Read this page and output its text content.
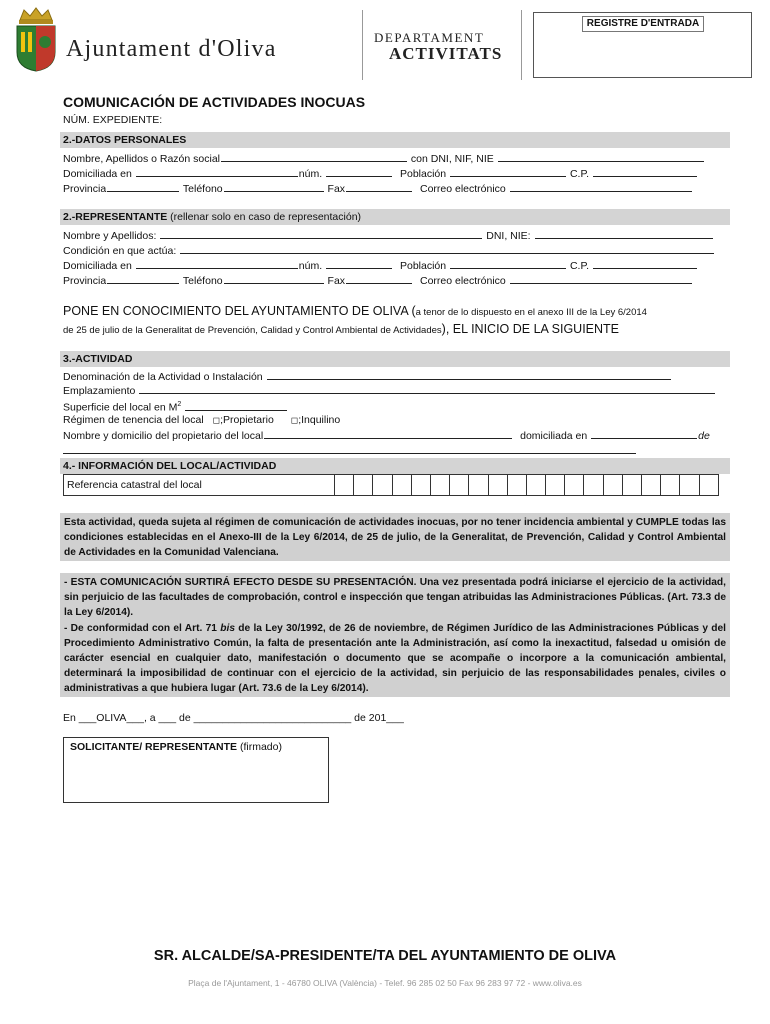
Ajuntament d'Oliva	DEPARTAMENT
ACTIVITATS
REGISTRE D'ENTRADA
COMUNICACIÓN DE ACTIVIDADES INOCUAS
NÚM. EXPEDIENTE:
2.-DATOS PERSONALES
Nombre, Apellidos o Razón social	con DNI, NIF, NIE
Domiciliada en	núm.	Población	C.P.
Provincia	Teléfono	Fax	Correo electrónico
2.-REPRESENTANTE (rellenar solo en caso de representación)
Nombre y Apellidos:	DNI, NIE:
Condición en que actúa:
Domiciliada en	núm.	Población	C.P.
Provincia	Teléfono	Fax	Correo electrónico
PONE EN CONOCIMIENTO DEL AYUNTAMIENTO DE OLIVA (a tenor de lo dispuesto en el anexo III de la Ley 6/2014
de 25 de julio de la Generalitat de Prevención, Calidad y Control Ambiental de Actividades), EL INICIO DE LA SIGUIENTE
3.-ACTIVIDAD
Denominación de la Actividad o Instalación
Emplazamiento
Superficie del local en $M^2$
Régimen de tenencia del local ◻;Propietario ◻;Inquilino
Nombre y domicilio del propietario del local	domiciliada en	de
4.- INFORMACIÓN DEL LOCAL/ACTIVIDAD
Referencia catastral del local
Esta actividad, queda sujeta al régimen de comunicación de actividades inocuas, por no tener incidencia ambiental y CUMPLE todas las condiciones establecidas en el Anexo-III de la Ley 6/2014, de 25 de julio, de la Generalitat, de Prevención, Calidad y Control Ambiental de Actividades en la Comunidad Valenciana.
- ESTA COMUNICACIÓN SURTIRÁ EFECTO DESDE SU PRESENTACIÓN. Una vez presentada podrá iniciarse el ejercicio de la actividad, sin perjuicio de las facultades de comprobación, control e inspección que tengan atribuidas las Administraciones Públicas. (Art. 73.3 de la Ley 6/2014).
- De conformidad con el Art. 71 bis de la Ley 30/1992, de 26 de noviembre, de Régimen Jurídico de las Administraciones Públicas y del Procedimiento Administrativo Común, la falta de presentación ante la Administración, así como la inexactitud, falsedad u omisión de carácter esencial en cualquier dato, manifestación o documento que se acompañe o incorpore a la comunicación ambiental, determinará la imposibilidad de continuar con el ejercicio de la actividad, sin perjuicio de las responsabilidades penales, civiles o administrativas a que hubiera lugar (Art. 73.6 de la Ley 6/2014).
En ___OLIVA___, a ___ de ___________________________ de 201___
SOLICITANTE/ REPRESENTANTE (firmado)
SR. ALCALDE/SA-PRESIDENTE/TA DEL AYUNTAMIENTO DE OLIVA
Plaça de l'Ajuntament, 1 - 46780 OLIVA (València) - Telef. 96 285 02 50 Fax 96 283 97 72 - www.oliva.es
